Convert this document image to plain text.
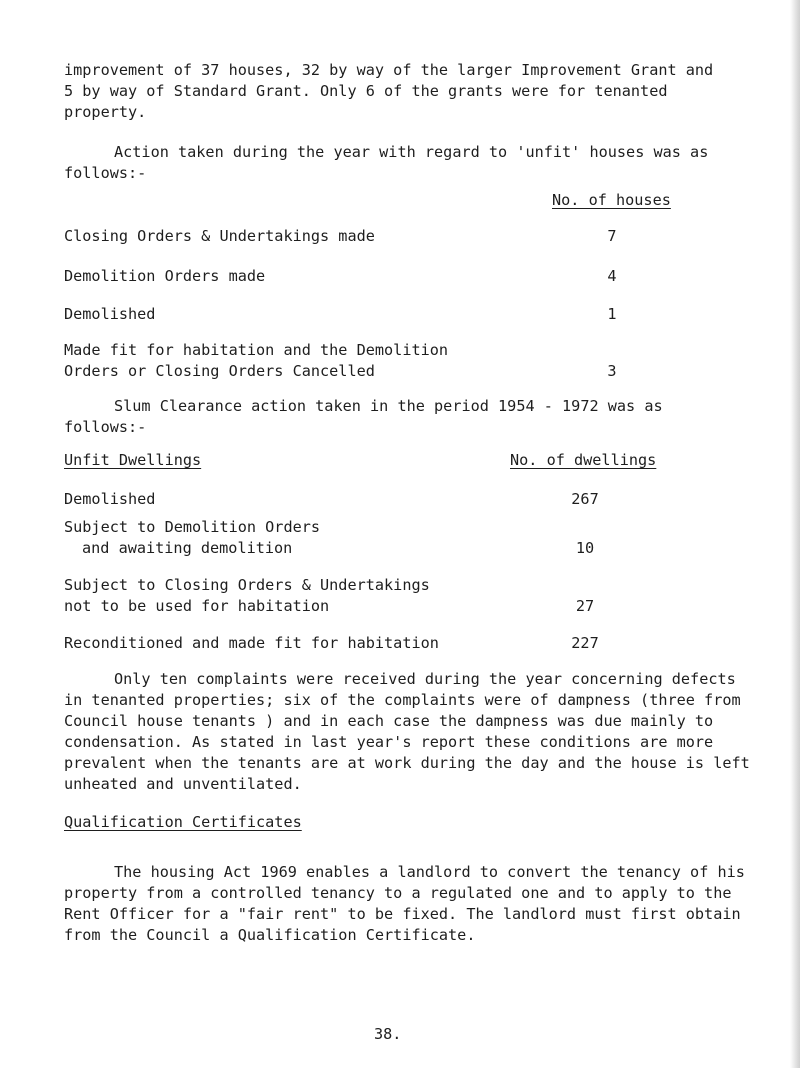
improvement of 37 houses, 32 by way of the larger Improvement Grant and
5 by way of Standard Grant. Only 6 of the grants were for tenanted
property.
Action taken during the year with regard to 'unfit' houses was as
follows:-
No. of houses
Closing Orders & Undertakings made	7
Demolition Orders made	4
Demolished	1
Made fit for habitation and the Demolition
Orders or Closing Orders Cancelled	3
Slum Clearance action taken in the period 1954 - 1972 was as
follows:-
Unfit Dwellings	No. of dwellings
Demolished	267
Subject to Demolition Orders
and awaiting demolition	10
Subject to Closing Orders & Undertakings
not to be used for habitation	27
Reconditioned and made fit for habitation	227
Only ten complaints were received during the year concerning defects
in tenanted properties; six of the complaints were of dampness (three from
Council house tenants ) and in each case the dampness was due mainly to
condensation. As stated in last year's report these conditions are more
prevalent when the tenants are at work during the day and the house is left
unheated and unventilated.
Qualification Certificates
The housing Act 1969 enables a landlord to convert the tenancy of his
property from a controlled tenancy to a regulated one and to apply to the
Rent Officer for a "fair rent" to be fixed. The landlord must first obtain
from the Council a Qualification Certificate.
38.
